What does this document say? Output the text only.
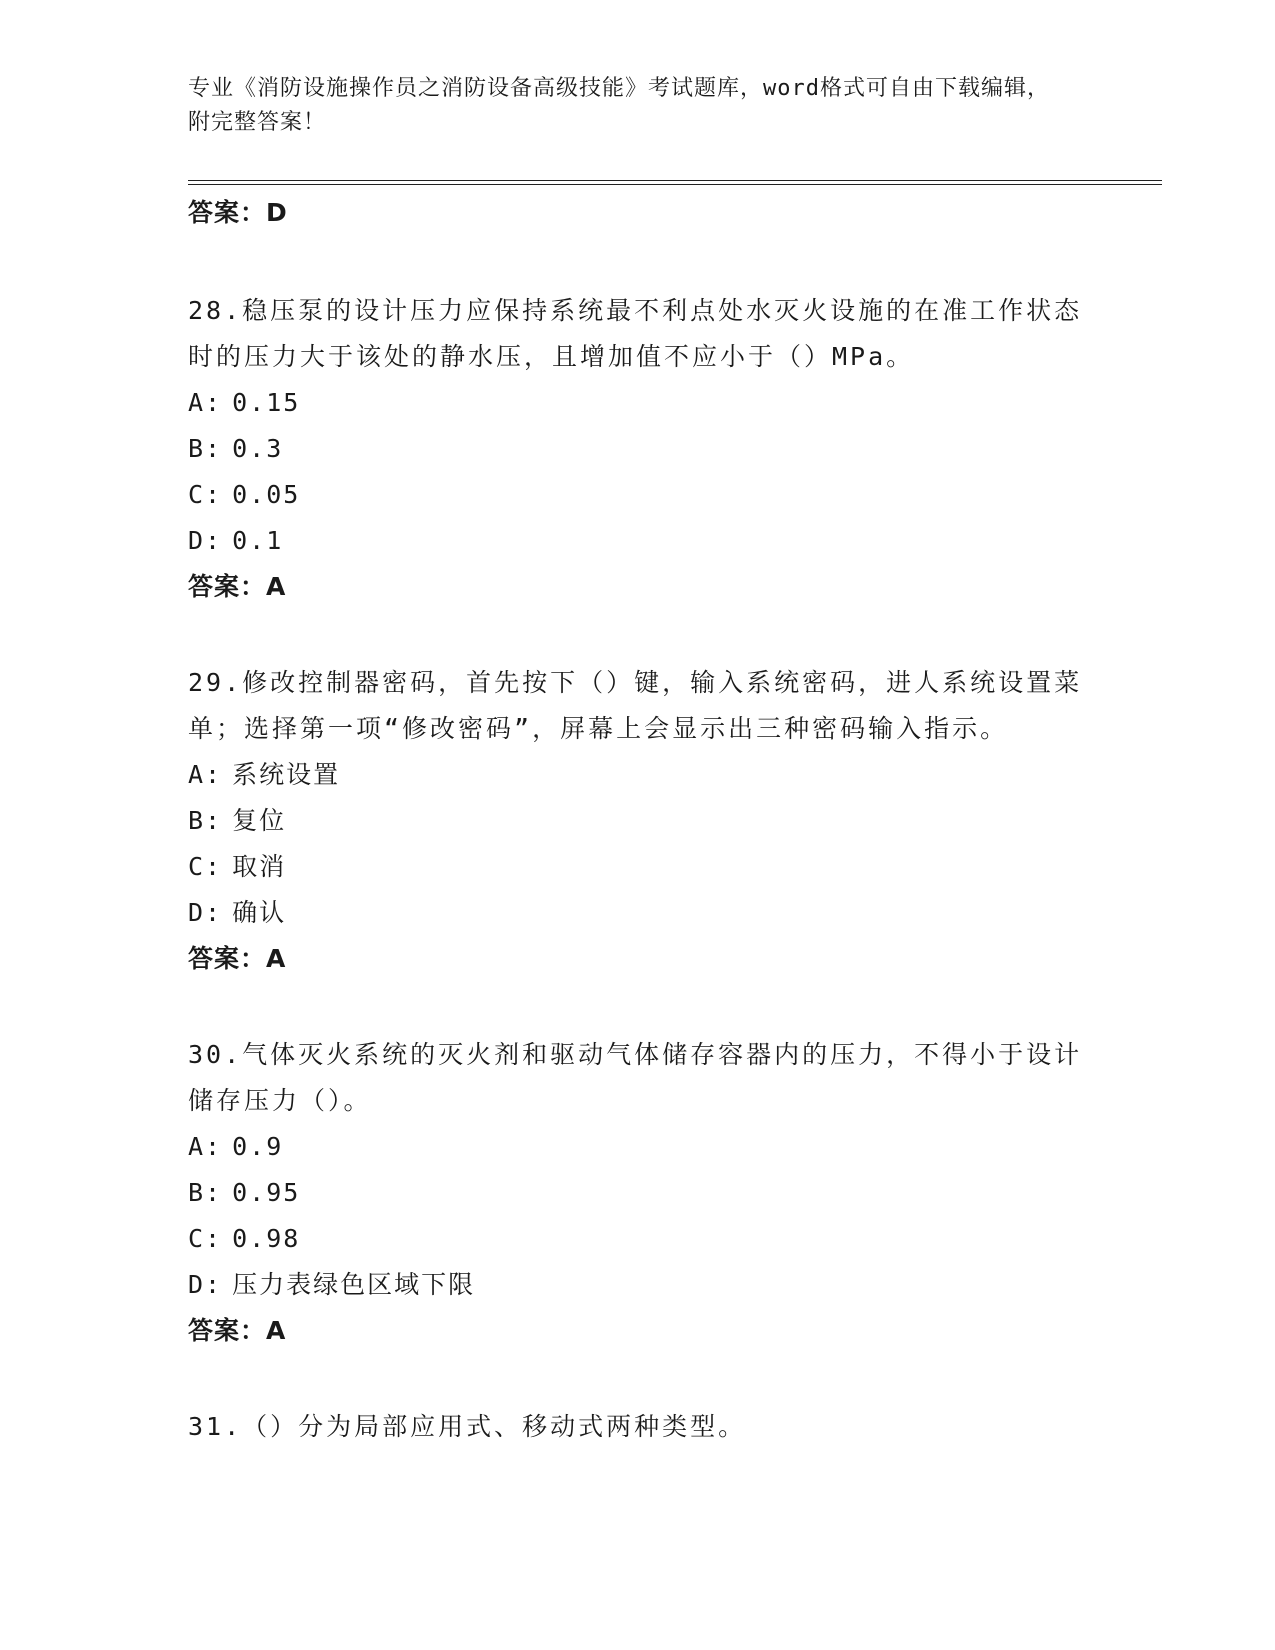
专业《消防设施操作员之消防设备高级技能》考试题库，word格式可自由下载编辑，附完整答案！
答案：D
28.稳压泵的设计压力应保持系统最不利点处水灭火设施的在准工作状态时的压力大于该处的静水压，且增加值不应小于（）MPa。
A: 0.15
B: 0.3
C: 0.05
D: 0.1
答案：A
29.修改控制器密码，首先按下（）键，输入系统密码，进人系统设置菜单；选择第一项“修改密码”，屏幕上会显示出三种密码输入指示。
A: 系统设置
B: 复位
C: 取消
D: 确认
答案：A
30.气体灭火系统的灭火剂和驱动气体储存容器内的压力，不得小于设计储存压力（）。
A: 0.9
B: 0.95
C: 0.98
D: 压力表绿色区域下限
答案：A
31.（）分为局部应用式、移动式两种类型。
